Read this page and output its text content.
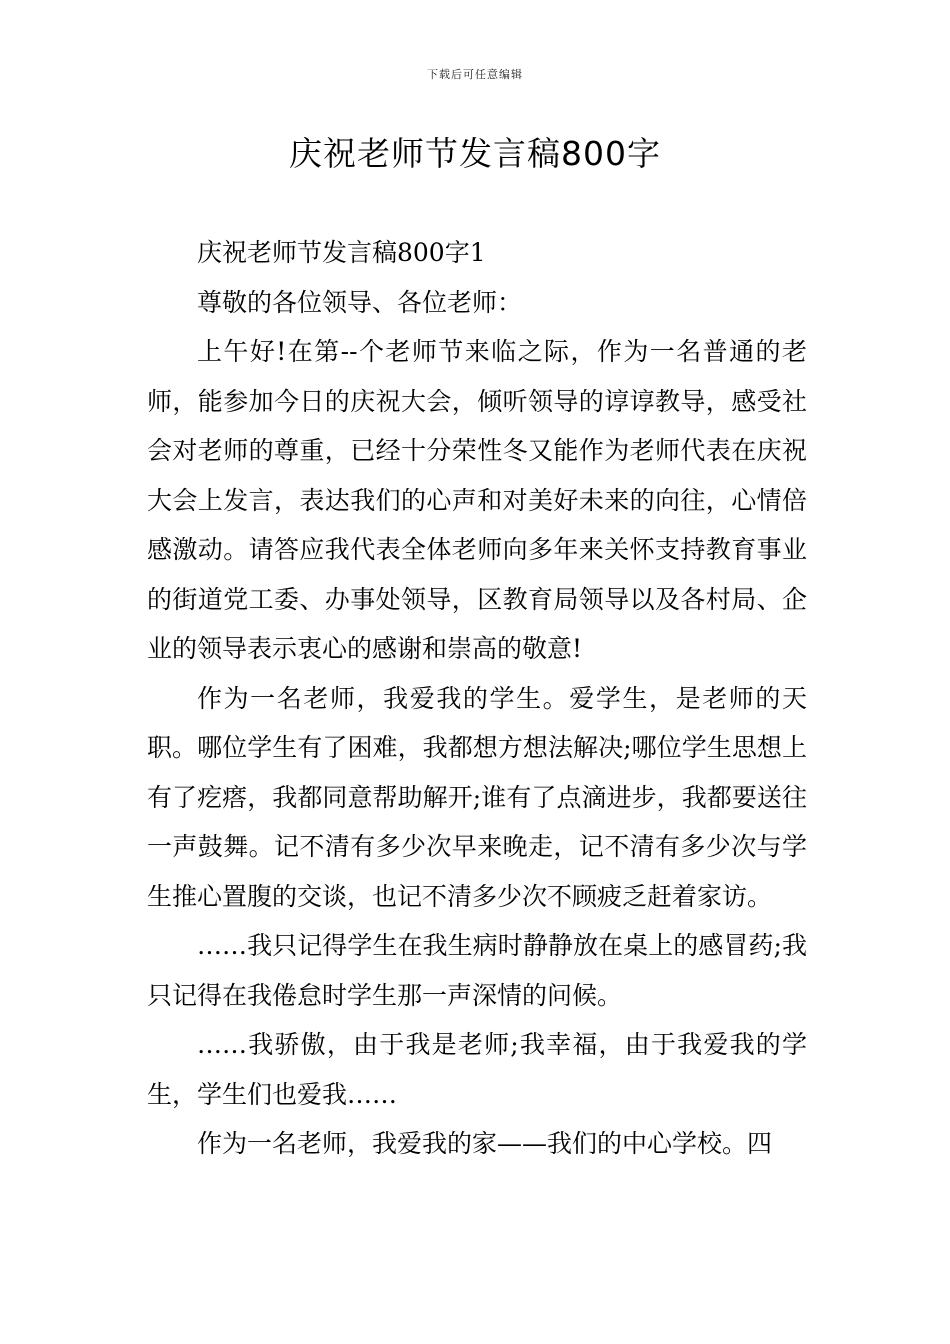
下载后可任意编辑
庆祝老师节发言稿800字

庆祝老师节发言稿800字1

尊敬的各位领导、各位老师：

上午好!在第--个老师节来临之际，作为一名普通的老师，能参加今日的庆祝大会，倾听领导的谆谆教导，感受社会对老师的尊重，已经十分荣性冬又能作为老师代表在庆祝大会上发言，表达我们的心声和对美好未来的向往，心情倍感激动。请答应我代表全体老师向多年来关怀支持教育事业的街道党工委、办事处领导，区教育局领导以及各村局、企业的领导表示衷心的感谢和崇高的敬意!

作为一名老师，我爱我的学生。爱学生，是老师的天职。哪位学生有了困难，我都想方想法解决;哪位学生思想上有了疙瘩，我都同意帮助解开;谁有了点滴进步，我都要送往一声鼓舞。记不清有多少次早来晚走，记不清有多少次与学生推心置腹的交谈，也记不清多少次不顾疲乏赶着家访。

……我只记得学生在我生病时静静放在桌上的感冒药;我只记得在我倦怠时学生那一声深情的问候。

……我骄傲，由于我是老师;我幸福，由于我爱我的学生，学生们也爱我……

作为一名老师，我爱我的家——我们的中心学校。四
